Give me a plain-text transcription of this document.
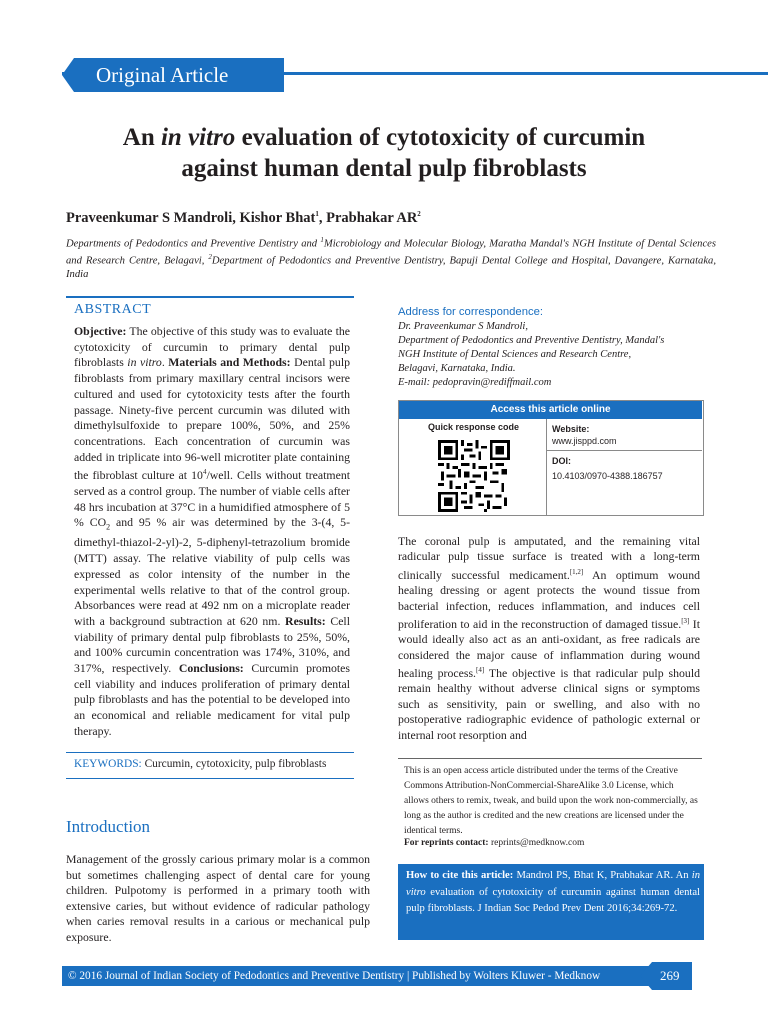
Original Article
An in vitro evaluation of cytotoxicity of curcumin
against human dental pulp fibroblasts
Praveenkumar S Mandroli, Kishor Bhat$^1$, Prabhakar $AR^2$
Departments of Pedodontics and Preventive Dentistry and $^1$Microbiology and Molecular Biology, Maratha Mandal's NGH Institute of Dental Sciences and Research Centre, Belagavi, $^2$Department of Pedodontics and Preventive Dentistry, Bapuji Dental College and Hospital, Davangere, Karnataka, India
ABSTRACT
Objective: The objective of this study was to evaluate the cytotoxicity of curcumin to primary dental pulp fibroblasts in vitro. Materials and Methods: Dental pulp fibroblasts from primary maxillary central incisors were cultured and used for cytotoxicity tests after the fourth passage. Ninety-five percent curcumin was diluted with dimethylsulfoxide to prepare 100%, 50%, and 25% concentrations. Each concentration of curcumin was added in triplicate into 96-well microtiter plate containing the fibroblast culture at $10^4$/well. Cells without treatment served as a control group. The number of viable cells after 48 hrs incubation at 37°C in a humidified atmosphere of 5 % $CO_2$ and 95 % air was determined by the 3-(4, 5-dimethyl-thiazol-2-yl)-2, 5-diphenyl-tetrazolium bromide (MTT) assay. The relative viability of pulp cells was expressed as color intensity of the number in the experimental wells relative to that of the control group. Absorbances were read at 492 nm on a microplate reader with a background subtraction at 620 nm. Results: Cell viability of primary dental pulp fibroblasts to 25%, 50%, and 100% curcumin concentration was 174%, 310%, and 317%, respectively. Conclusions: Curcumin promotes cell viability and induces proliferation of primary dental pulp fibroblasts and has the potential to be developed into an economical and reliable medicament for vital pulp therapy.
KEYWORDS: Curcumin, cytotoxicity, pulp fibroblasts
Introduction
Management of the grossly carious primary molar is a common but sometimes challenging aspect of dental care for young children. Pulpotomy is performed in a primary tooth with extensive caries, but without evidence of radicular pathology when caries removal results in a carious or mechanical pulp exposure.
Address for correspondence:
Dr. Praveenkumar S Mandroli,
Department of Pedodontics and Preventive Dentistry, Mandal's
NGH Institute of Dental Sciences and Research Centre,
Belagavi, Karnataka, India.
E-mail: pedopravin@rediffmail.com
Access this article online
Quick response code	Website:
www.jisppd.com
DOI:
10.4103/0970-4388.186757
The coronal pulp is amputated, and the remaining vital radicular pulp tissue surface is treated with a long-term clinically successful medicament.[1,2] An optimum wound healing dressing or agent protects the wound tissue from bacterial infection, reduces inflammation, and induces cell proliferation to aid in the reconstruction of damaged tissue.[3] It would ideally also act as an anti-oxidant, as free radicals are considered the major cause of inflammation during wound healing process.[4] The objective is that radicular pulp should remain healthy without adverse clinical signs or symptoms such as sensitivity, pain or swelling, and also with no postoperative radiographic evidence of pathologic external or internal root resorption and
This is an open access article distributed under the terms of the Creative Commons Attribution-NonCommercial-ShareAlike 3.0 License, which allows others to remix, tweak, and build upon the work non-commercially, as long as the author is credited and the new creations are licensed under the identical terms.
For reprints contact: reprints@medknow.com
How to cite this article: Mandrol PS, Bhat K, Prabhakar AR. An in vitro evaluation of cytotoxicity of curcumin against human dental pulp fibroblasts. J Indian Soc Pedod Prev Dent 2016;34:269-72.
© 2016 Journal of Indian Society of Pedodontics and Preventive Dentistry | Published by Wolters Kluwer - Medknow	269
